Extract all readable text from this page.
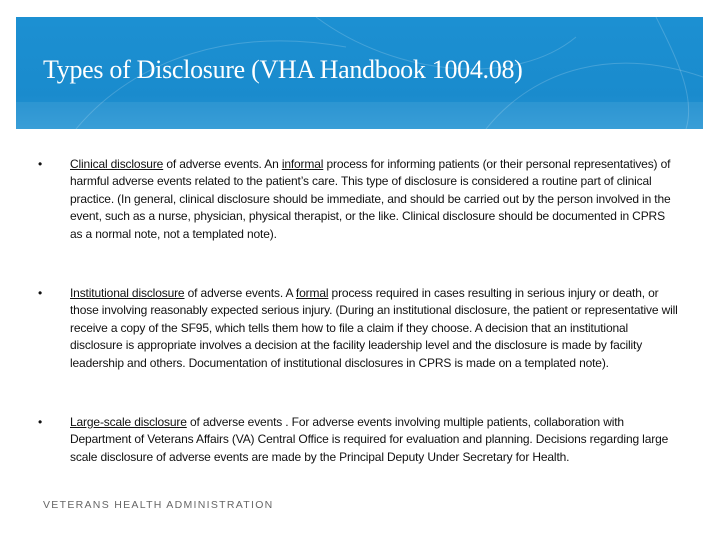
Types of Disclosure (VHA Handbook 1004.08)
• Clinical disclosure of adverse events. An informal process for informing patients (or their personal representatives) of harmful adverse events related to the patient’s care. This type of disclosure is considered a routine part of clinical practice. (In general, clinical disclosure should be immediate, and should be carried out by the person involved in the event, such as a nurse, physician, physical therapist, or the like. Clinical disclosure should be documented in CPRS as a normal note, not a templated note).
• Institutional disclosure of adverse events. A formal process required in cases resulting in serious injury or death, or those involving reasonably expected serious injury. (During an institutional disclosure, the patient or representative will receive a copy of the SF95, which tells them how to file a claim if they choose. A decision that an institutional disclosure is appropriate involves a decision at the facility leadership level and the disclosure is made by facility leadership and others. Documentation of institutional disclosures in CPRS is made on a templated note).
• Large-scale disclosure of adverse events . For adverse events involving multiple patients, collaboration with Department of Veterans Affairs (VA) Central Office is required for evaluation and planning. Decisions regarding large scale disclosure of adverse events are made by the Principal Deputy Under Secretary for Health.
VETERANS HEALTH ADMINISTRATION
